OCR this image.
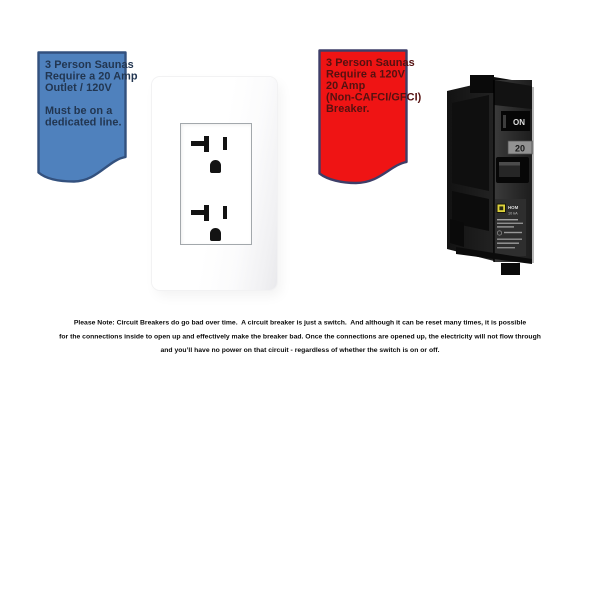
3 Person Saunas
Require a 20 Amp
Outlet / 120V
Must be on a
dedicated line.
3 Person Saunas
Require a 120V
20 Amp
(Non-CAFCI/GFCI)
Breaker.
ON
20
HOM
10 kA
Please Note: Circuit Breakers do go bad over time.  A circuit breaker is just a switch.  And although it can be reset many times, it is possible
for the connections inside to open up and effectively make the breaker bad. Once the connections are opened up, the electricity will not flow through
and you’ll have no power on that circuit - regardless of whether the switch is on or off.
